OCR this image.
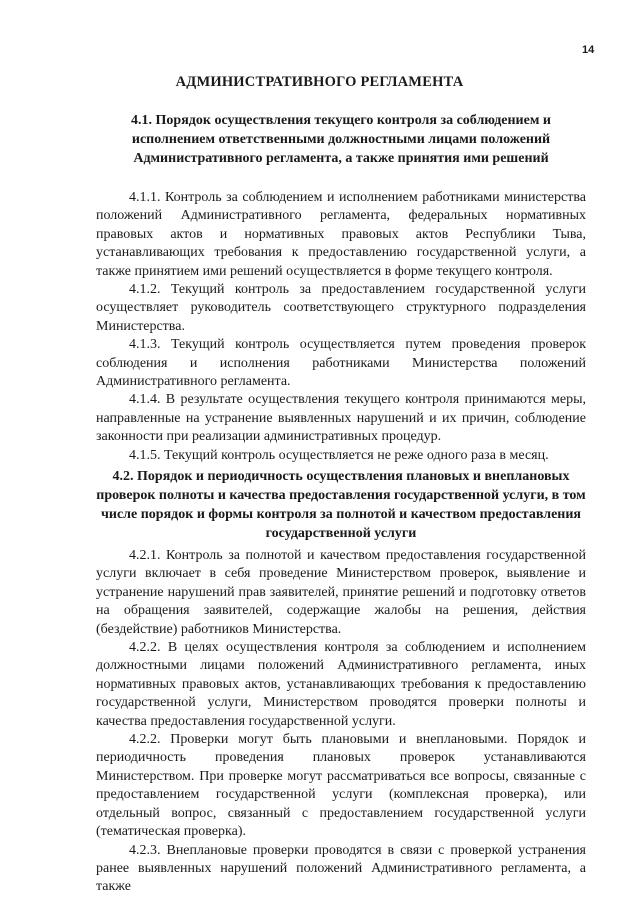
14
АДМИНИСТРАТИВНОГО РЕГЛАМЕНТА
4.1. Порядок осуществления текущего контроля за соблюдением и исполнением ответственными должностными лицами положений Административного регламента, а также принятия ими решений

4.1.1. Контроль за соблюдением и исполнением работниками министерства положений Административного регламента, федеральных нормативных правовых актов и нормативных правовых актов Республики Тыва, устанавливающих требования к предоставлению государственной услуги, а также принятием ими решений осуществляется в форме текущего контроля.

4.1.2. Текущий контроль за предоставлением государственной услуги осуществляет руководитель соответствующего структурного подразделения Министерства.

4.1.3. Текущий контроль осуществляется путем проведения проверок соблюдения и исполнения работниками Министерства положений Административного регламента.

4.1.4. В результате осуществления текущего контроля принимаются меры, направленные на устранение выявленных нарушений и их причин, соблюдение законности при реализации административных процедур.

4.1.5. Текущий контроль осуществляется не реже одного раза в месяц.

4.2. Порядок и периодичность осуществления плановых и внеплановых проверок полноты и качества предоставления государственной услуги, в том числе порядок и формы контроля за полнотой и качеством предоставления государственной услуги

4.2.1. Контроль за полнотой и качеством предоставления государственной услуги включает в себя проведение Министерством проверок, выявление и устранение нарушений прав заявителей, принятие решений и подготовку ответов на обращения заявителей, содержащие жалобы на решения, действия (бездействие) работников Министерства.

4.2.2. В целях осуществления контроля за соблюдением и исполнением должностными лицами положений Административного регламента, иных нормативных правовых актов, устанавливающих требования к предоставлению государственной услуги, Министерством проводятся проверки полноты и качества предоставления государственной услуги.

4.2.2. Проверки могут быть плановыми и внеплановыми. Порядок и периодичность проведения плановых проверок устанавливаются Министерством. При проверке могут рассматриваться все вопросы, связанные с предоставлением государственной услуги (комплексная проверка), или отдельный вопрос, связанный с предоставлением государственной услуги (тематическая проверка).

4.2.3. Внеплановые проверки проводятся в связи с проверкой устранения ранее выявленных нарушений положений Административного регламента, а также
